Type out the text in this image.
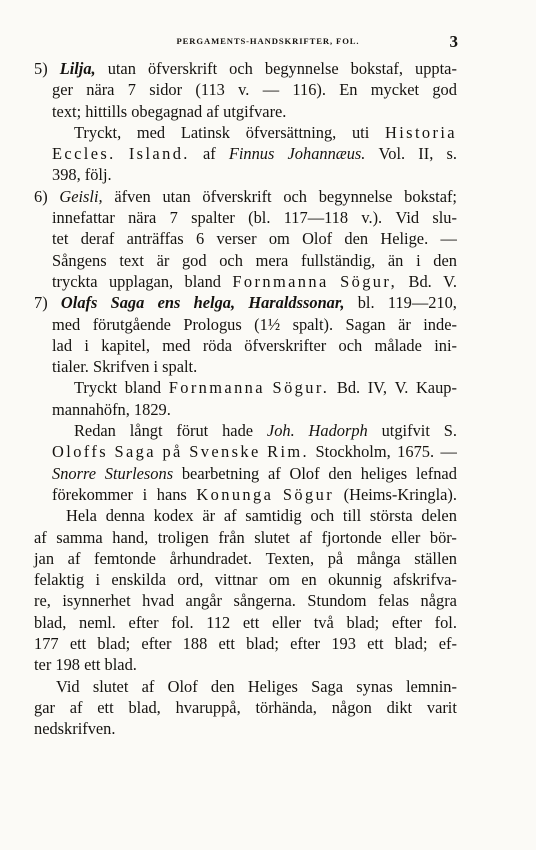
PERGAMENTS-HANDSKRIFTER, FOL.	3
5) Lilja, utan öfverskrift och begynnelse bokstaf, uppta-
ger nära 7 sidor (113 v. — 116). En mycket god
text; hittills obegagnad af utgifvare.
Tryckt, med Latinsk öfversättning, uti Historia
Eccles. Island. af Finnus Johannæus. Vol. II, s.
398, följ.
6) Geisli, äfven utan öfverskrift och begynnelse bokstaf;
innefattar nära 7 spalter (bl. 117—118 v.). Vid slu-
tet deraf anträffas 6 verser om Olof den Helige. —
Sångens text är god och mera fullständig, än i den
tryckta upplagan, bland Fornmanna Sögur, Bd. V.
7) Olafs Saga ens helga, Haraldssonar, bl. 119—210,
med förutgående Prologus (1½ spalt). Sagan är inde-
lad i kapitel, med röda öfverskrifter och målade ini-
tialer. Skrifven i spalt.
Tryckt bland Fornmanna Sögur. Bd. IV, V. Kaup-
mannahöfn, 1829.
Redan långt förut hade Joh. Hadorph utgifvit S.
Oloffs Saga på Svenske Rim. Stockholm, 1675. —
Snorre Sturlesons bearbetning af Olof den heliges lefnad
förekommer i hans Konunga Sögur (Heims-Kringla).
Hela denna kodex är af samtidig och till största delen
af samma hand, troligen från slutet af fjortonde eller bör-
jan af femtonde århundradet. Texten, på många ställen
felaktig i enskilda ord, vittnar om en okunnig afskrifva-
re, isynnerhet hvad angår sångerna. Stundom felas några
blad, neml. efter fol. 112 ett eller två blad; efter fol.
177 ett blad; efter 188 ett blad; efter 193 ett blad; ef-
ter 198 ett blad.
Vid slutet af Olof den Heliges Saga synas lemnin-
gar af ett blad, hvaruppå, törhända, någon dikt varit
nedskrifven.
